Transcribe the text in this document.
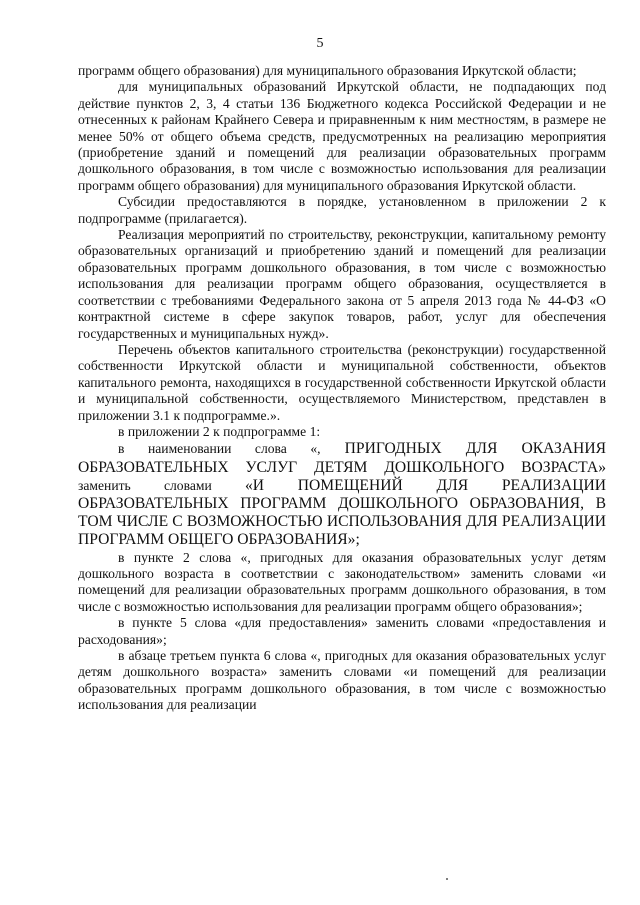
5

программ общего образования) для муниципального образования Иркутской области;

для муниципальных образований Иркутской области, не подпадающих под действие пунктов 2, 3, 4 статьи 136 Бюджетного кодекса Российской Федерации и не отнесенных к районам Крайнего Севера и приравненным к ним местностям, в размере не менее 50% от общего объема средств, предусмотренных на реализацию мероприятия (приобретение зданий и помещений для реализации образовательных программ дошкольного образования, в том числе с возможностью использования для реализации программ общего образования) для муниципального образования Иркутской области.

Субсидии предоставляются в порядке, установленном в приложении 2 к подпрограмме (прилагается).

Реализация мероприятий по строительству, реконструкции, капитальному ремонту образовательных организаций и приобретению зданий и помещений для реализации образовательных программ дошкольного образования, в том числе с возможностью использования для реализации программ общего образования, осуществляется в соответствии с требованиями Федерального закона от 5 апреля 2013 года № 44-ФЗ «О контрактной системе в сфере закупок товаров, работ, услуг для обеспечения государственных и муниципальных нужд».

Перечень объектов капитального строительства (реконструкции) государственной собственности Иркутской области и муниципальной собственности, объектов капитального ремонта, находящихся в государственной собственности Иркутской области и муниципальной собственности, осуществляемого Министерством, представлен в приложении 3.1 к подпрограмме.».

в приложении 2 к подпрограмме 1:

в наименовании слова «, ПРИГОДНЫХ ДЛЯ ОКАЗАНИЯ ОБРАЗОВАТЕЛЬНЫХ УСЛУГ ДЕТЯМ ДОШКОЛЬНОГО ВОЗРАСТА» заменить словами «И ПОМЕЩЕНИЙ ДЛЯ РЕАЛИЗАЦИИ ОБРАЗОВАТЕЛЬНЫХ ПРОГРАММ ДОШКОЛЬНОГО ОБРАЗОВАНИЯ, В ТОМ ЧИСЛЕ С ВОЗМОЖНОСТЬЮ ИСПОЛЬЗОВАНИЯ ДЛЯ РЕАЛИЗАЦИИ ПРОГРАММ ОБЩЕГО ОБРАЗОВАНИЯ»;

в пункте 2 слова «, пригодных для оказания образовательных услуг детям дошкольного возраста в соответствии с законодательством» заменить словами «и помещений для реализации образовательных программ дошкольного образования, в том числе с возможностью использования для реализации программ общего образования»;

в пункте 5 слова «для предоставления» заменить словами «предоставления и расходования»;

в абзаце третьем пункта 6 слова «, пригодных для оказания образовательных услуг детям дошкольного возраста» заменить словами «и помещений для реализации образовательных программ дошкольного образования, в том числе с возможностью использования для реализации
